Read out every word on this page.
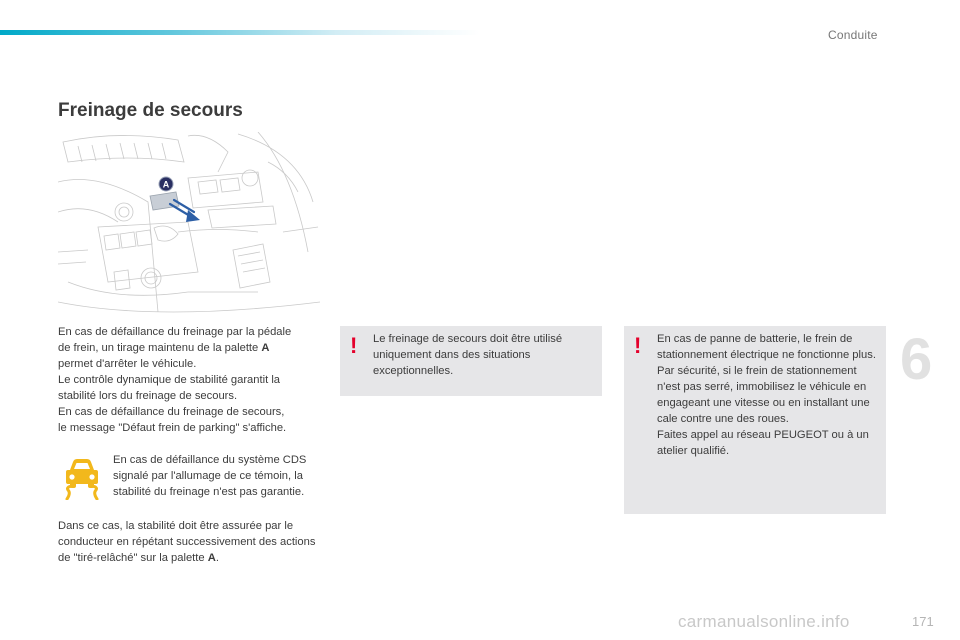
Conduite
Freinage de secours
A
En cas de défaillance du freinage par la pédale
de frein, un tirage maintenu de la palette A
permet d'arrêter le véhicule.
Le contrôle dynamique de stabilité garantit la
stabilité lors du freinage de secours.
En cas de défaillance du freinage de secours,
le message "Défaut frein de parking" s'affiche.
En cas de défaillance du système CDS signalé par l'allumage de ce témoin, la stabilité du freinage n'est pas garantie.
Dans ce cas, la stabilité doit être assurée par le conducteur en répétant successivement des actions de "tiré-relâché" sur la palette A.
! Le freinage de secours doit être utilisé uniquement dans des situations exceptionnelles.
! En cas de panne de batterie, le frein de stationnement électrique ne fonctionne plus.
Par sécurité, si le frein de stationnement n'est pas serré, immobilisez le véhicule en engageant une vitesse ou en installant une cale contre une des roues.
Faites appel au réseau PEUGEOT ou à un atelier qualifié.
6
carmanualsonline.info	171
